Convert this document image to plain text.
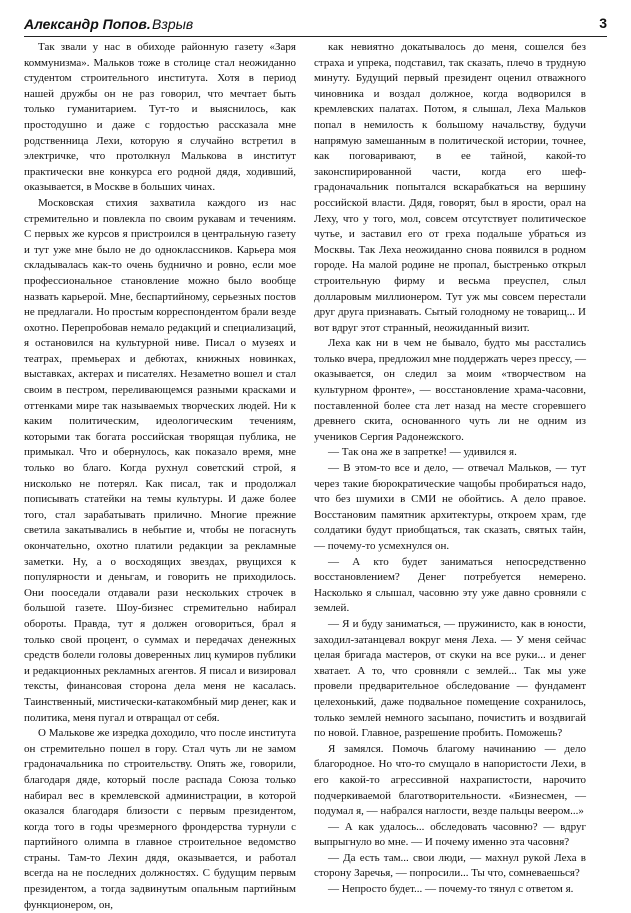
Александр Попов. Взрыв	3

Так звали у нас в обиходе районную газету «Заря коммунизма». Мальков тоже в столице стал неожиданно студентом строительного института. Хотя в период нашей дружбы он не раз говорил, что мечтает быть только гуманитарием. Тут-то и выяснилось, как простодушно и даже с гордостью рассказала мне родственница Лехи, которую я случайно встретил в электричке, что протолкнул Малькова в институт практически вне конкурса его родной дядя, ходивший, оказывается, в Москве в больших чинах.

Московская стихия захватила каждого из нас стремительно и повлекла по своим рукавам и течениям. С первых же курсов я пристроился в центральную газету и тут уже мне было не до одноклассников. Карьера моя складывалась как-то очень буднично и ровно, если мое профессиональное становление можно было вообще назвать карьерой. Мне, беспартийному, серьезных постов не предлагали. Но простым корреспондентом брали везде охотно. Перепробовав немало редакций и специализаций, я остановился на культурной ниве. Писал о музеях и театрах, премьерах и дебютах, книжных новинках, выставках, актерах и писателях. Незаметно вошел и стал своим в пестром, переливающемся разными красками и оттенками мире так называемых творческих людей. Ни к каким политическим, идеологическим течениям, которыми так богата российская творящая публика, не примыкал. Что и обернулось, как показало время, мне только во благо. Когда рухнул советский строй, я нисколько не потерял. Как писал, так и продолжал пописывать статейки на темы культуры. И даже более того, стал зарабатывать прилично. Многие прежние светила закатывались в небытие и, чтобы не погаснуть окончательно, охотно платили редакции за рекламные заметки. Ну, а о восходящих звездах, рвущихся к популярности и деньгам, и говорить не приходилось. Они пооседали отдавали рази нескольких строчек в большой газете. Шоу-бизнес стремительно набирал обороты. Правда, тут я должен оговориться, брал я только свой процент, о суммах и передачах денежных средств болели головы доверенных лиц кумиров публики и редакционных рекламных агентов. Я писал и визировал тексты, финансовая сторона дела меня не касалась. Таинственный, мистически-катакомбный мир денег, как и политика, меня пугал и отвращал от себя.

О Малькове же изредка доходило, что после института он стремительно пошел в гору. Стал чуть ли не замом градоначальника по строительству. Опять же, говорили, благодаря дяде, который после распада Союза только набирал вес в кремлевской администрации, в которой оказался благодаря близости с первым президентом, когда того в годы чрезмерного фрондерства турнули с партийного олимпа в главное строительное ведомство страны. Там-то Лехин дядя, оказывается, и работал всегда на не последних должностях. С будущим первым президентом, а тогда задвинутым опальным партийным функционером, он,

как невиятно докатывалось до меня, сошелся без страха и упрека, подставил, так сказать, плечо в трудную минуту. Будущий первый президент оценил отважного чиновника и воздал должное, когда водворился в кремлевских палатах. Потом, я слышал, Леха Мальков попал в немилость к большому начальству, будучи напрямую замешанным в политической истории, точнее, как поговаривают, в ее тайной, какой-то законспирированной части, когда его шеф-градоначальник попытался вскарабкаться на вершину российской власти. Дядя, говорят, был в ярости, орал на Леху, что у того, мол, совсем отсутствует политическое чутье, и заставил его от греха подальше убраться из Москвы. Так Леха неожиданно снова появился в родном городе. На малой родине не пропал, быстренько открыл строительную фирму и весьма преуспел, слыл долларовым миллионером. Тут уж мы совсем перестали друг друга признавать. Сытый голодному не товарищ... И вот вдруг этот странный, неожиданный визит.

Леха как ни в чем не бывало, будто мы расстались только вчера, предложил мне поддержать через прессу, — оказывается, он следил за моим «творчеством на культурном фронте», — восстановление храма-часовни, поставленной более ста лет назад на месте сгоревшего древнего скита, основанного чуть ли не одним из учеников Сергия Радонежского.

— Так она же в запретке! — удивился я.

— В этом-то все и дело, — отвечал Мальков, — тут через такие бюрократические чащобы пробираться надо, что без шумихи в СМИ не обойтись. А дело правое. Восстановим памятник архитектуры, откроем храм, где солдатики будут приобщаться, так сказать, святых тайн, — почему-то усмехнулся он.

— А кто будет заниматься непосредственно восстановлением? Денег потребуется немерено. Насколько я слышал, часовню эту уже давно сровняли с землей.

— Я и буду заниматься, — пружинисто, как в юности, заходил-затанцевал вокруг меня Леха. — У меня сейчас целая бригада мастеров, от скуки на все руки... и денег хватает. А то, что сровняли с землей... Так мы уже провели предварительное обследование — фундамент целехонький, даже подвальное помещение сохранилось, только землей немного засыпано, почистить и воздвигай по новой. Главное, разрешение пробить. Поможешь?

Я замялся. Помочь благому начинанию — дело благородное. Но что-то смущало в напористости Лехи, в его какой-то агрессивной нахрапистости, нарочито подчеркиваемой благотворительности. «Бизнесмен, — подумал я, — набрался наглости, везде пальцы веером...»

— А как удалось... обследовать часовню? — вдруг выпрыгнуло во мне. — И почему именно эта часовня?

— Да есть там... свои люди, — махнул рукой Леха в сторону Заречья, — попросили... Ты что, сомневаешься?

— Непросто будет... — почему-то тянул с ответом я.
